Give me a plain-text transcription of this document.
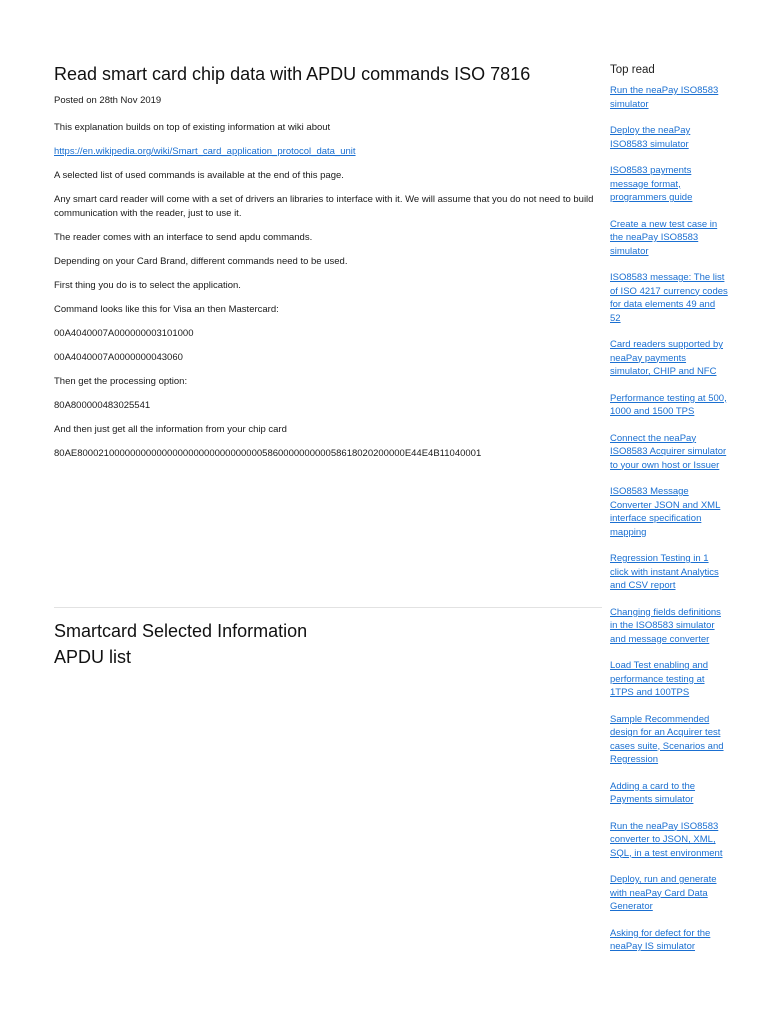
Read smart card chip data with APDU commands ISO 7816
Posted on 28th Nov 2019

This explanation builds on top of existing information at wiki about

https://en.wikipedia.org/wiki/Smart_card_application_protocol_data_unit

A selected list of used commands is available at the end of this page.

Any smart card reader will come with a set of drivers an libraries to interface with it. We will assume that you do not need to build communication with the reader, just to use it.

The reader comes with an interface to send apdu commands.

Depending on your Card Brand, different commands need to be used.

First thing you do is to select the application.

Command looks like this for Visa an then Mastercard:

00A4040007A000000003101000

00A4040007A0000000043060

Then get the processing option:

80A800000483025541

And then just get all the information from your chip card

80AE80002100000000000000000000000000000586000000000058618020200000E44E4B11040001

Smartcard Selected Information
APDU list
Top read
Run the neaPay ISO8583 simulator
Deploy the neaPay ISO8583 simulator
ISO8583 payments message format, programmers guide
Create a new test case in the neaPay ISO8583 simulator
ISO8583 message: The list of ISO 4217 currency codes for data elements 49 and 52
Card readers supported by neaPay payments simulator, CHIP and NFC
Performance testing at 500, 1000 and 1500 TPS
Connect the neaPay ISO8583 Acquirer simulator to your own host or Issuer
ISO8583 Message Converter JSON and XML interface specification mapping
Regression Testing in 1 click with instant Analytics and CSV report
Changing fields definitions in the ISO8583 simulator and message converter
Load Test enabling and performance testing at 1TPS and 100TPS
Sample Recommended design for an Acquirer test cases suite, Scenarios and Regression
Adding a card to the Payments simulator
Run the neaPay ISO8583 converter to JSON, XML, SQL, in a test environment
Deploy, run and generate with neaPay Card Data Generator
Asking for defect for the neaPay IS simulator
